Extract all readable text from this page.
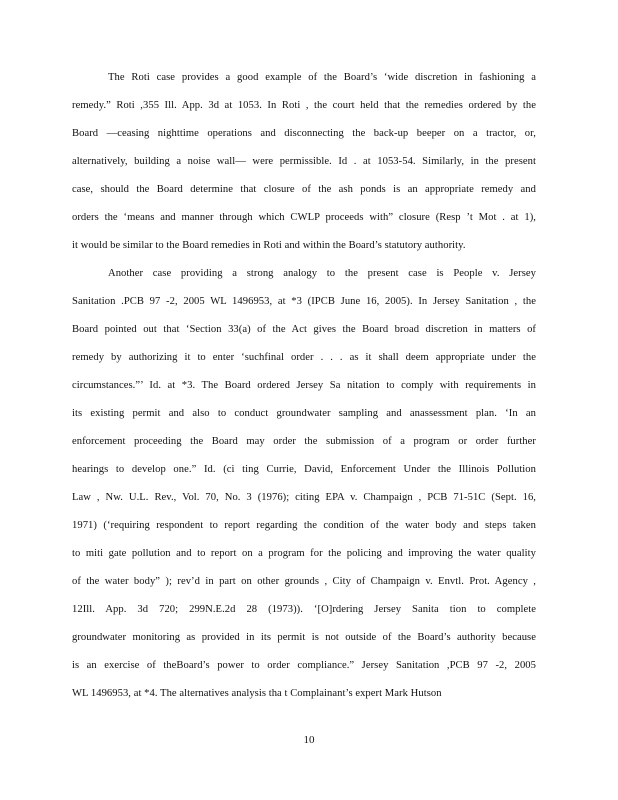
The Roti case provides a good example of the Board’s ‘wide discretion in fashioning a
remedy.” Roti ,355 Ill. App. 3d at 1053. In Roti , the court held that the remedies ordered by the
Board —ceasing nighttime operations and disconnecting the back-up beeper on a tractor, or,
alternatively, building a noise wall— were permissible. Id . at 1053-54. Similarly, in the present
case, should the Board determine that closure of the ash ponds is an appropriate remedy and
orders the ‘means and manner through which CWLP proceeds with” closure (Resp ’t Mot . at 1),
it would be similar to the Board remedies in Roti and within the Board’s statutory authority.
Another case providing a strong analogy to the present case is People v. Jersey
Sanitation .PCB 97 -2, 2005 WL 1496953, at *3 (IPCB June 16, 2005). In Jersey Sanitation , the
Board pointed out that ‘Section 33(a) of the Act gives the Board broad discretion in matters of
remedy by authorizing it to enter ‘suchfinal order . . . as it shall deem appropriate under the
circumstances.”’ Id. at *3. The Board ordered Jersey Sa nitation to comply with requirements in
its existing permit and also to conduct groundwater sampling and anassessment plan. ‘In an
enforcement proceeding the Board may order the submission of a program or order further
hearings to develop one.” Id. (ci ting Currie, David, Enforcement Under the Illinois Pollution
Law , Nw. U.L. Rev., Vol. 70, No. 3 (1976); citing EPA v. Champaign , PCB 71-51C (Sept. 16,
1971) (‘requiring respondent to report regarding the condition of the water body and steps taken
to miti gate pollution and to report on a program for the policing and improving the water quality
of the water body” ); rev’d in part on other grounds , City of Champaign v. Envtl. Prot. Agency ,
12Ill. App. 3d 720; 299N.E.2d 28 (1973)). ‘[O]rdering Jersey Sanita tion to complete
groundwater monitoring as provided in its permit is not outside of the Board’s authority because
is an exercise of theBoard’s power to order compliance.” Jersey Sanitation ,PCB 97 -2, 2005
WL 1496953, at *4. The alternatives analysis tha t Complainant’s expert Mark Hutson
10
